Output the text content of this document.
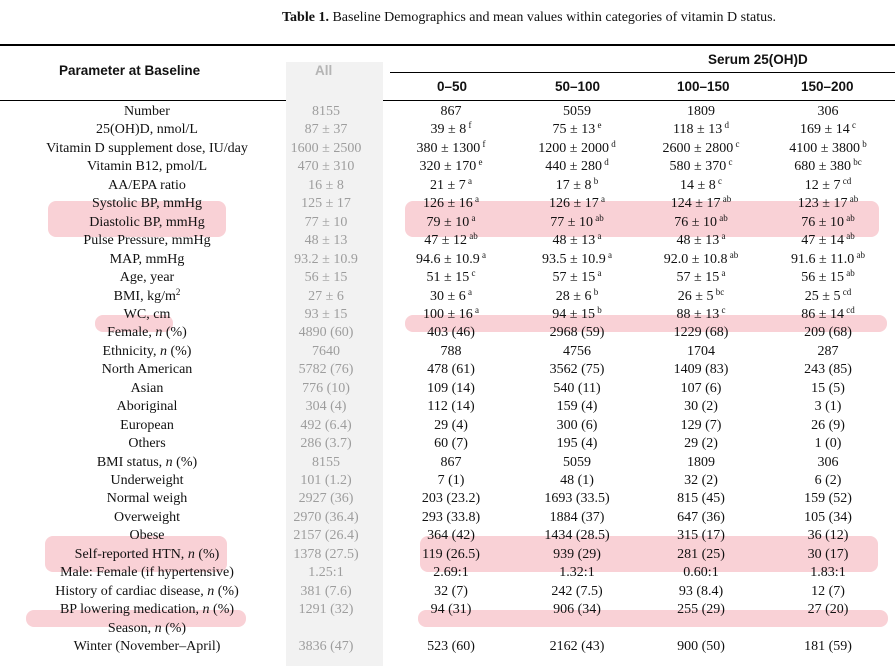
Table 1. Baseline Demographics and mean values within categories of vitamin D status.
Parameter at Baseline	All
Serum 25(OH)D
0–50	50–100	100–150	150–200
Number	8155	867	5059	1809	306
25(OH)D, nmol/L	87 ± 37	39 ± 8 $^f$	75 ± 13 $^e$	118 ± 13 $^d$	169 ± 14 $^c$
Vitamin D supplement dose, IU/day	1600 ± 2500	380 ± 1300 $^f$	1200 ± 2000 $^d$	2600 ± 2800 $^c$	4100 ± 3800 $^b$
Vitamin B12, pmol/L	470 ± 310	320 ± 170 $^e$	440 ± 280 $^d$	580 ± 370 $^c$	680 ± 380 $^{bc}$
AA/EPA ratio	16 ± 8	21 ± 7 $^a$	17 ± 8 $^b$	14 ± 8 $^c$	12 ± 7 $^{cd}$
Systolic BP, mmHg	125 ± 17	126 ± 16 $^a$	126 ± 17 $^a$	124 ± 17 $^{ab}$	123 ± 17 $^{ab}$
Diastolic BP, mmHg	77 ± 10	79 ± 10 $^a$	77 ± 10 $^{ab}$	76 ± 10 $^{ab}$	76 ± 10 $^{ab}$
Pulse Pressure, mmHg	48 ± 13	47 ± 12 $^{ab}$	48 ± 13 $^a$	48 ± 13 $^a$	47 ± 14 $^{ab}$
MAP, mmHg	93.2 ± 10.9	94.6 ± 10.9 $^a$	93.5 ± 10.9 $^a$	92.0 ± 10.8 $^{ab}$	91.6 ± 11.0 $^{ab}$
Age, year	56 ± 15	51 ± 15 $^c$	57 ± 15 $^a$	57 ± 15 $^a$	56 ± 15 $^{ab}$
BMI, $kg/m^2$	27 ± 6	30 ± 6 $^a$	28 ± 6 $^b$	26 ± 5 $^{bc}$	25 ± 5 $^{cd}$
WC, cm	93 ± 15	100 ± 16 $^a$	94 ± 15 $^b$	88 ± 13 $^c$	86 ± 14 $^{cd}$
Female, n (%)	4890 (60)	403 (46)	2968 (59)	1229 (68)	209 (68)
Ethnicity, n (%)	7640	788	4756	1704	287
North American	5782 (76)	478 (61)	3562 (75)	1409 (83)	243 (85)
Asian	776 (10)	109 (14)	540 (11)	107 (6)	15 (5)
Aboriginal	304 (4)	112 (14)	159 (4)	30 (2)	3 (1)
European	492 (6.4)	29 (4)	300 (6)	129 (7)	26 (9)
Others	286 (3.7)	60 (7)	195 (4)	29 (2)	1 (0)
BMI status, n (%)	8155	867	5059	1809	306
Underweight	101 (1.2)	7 (1)	48 (1)	32 (2)	6 (2)
Normal weigh	2927 (36)	203 (23.2)	1693 (33.5)	815 (45)	159 (52)
Overweight	2970 (36.4)	293 (33.8)	1884 (37)	647 (36)	105 (34)
Obese	2157 (26.4)	364 (42)	1434 (28.5)	315 (17)	36 (12)
Self-reported HTN, n (%)	1378 (27.5)	119 (26.5)	939 (29)	281 (25)	30 (17)
Male: Female (if hypertensive)	1.25:1	2.69:1	1.32:1	0.60:1	1.83:1
History of cardiac disease, n (%)	381 (7.6)	32 (7)	242 (7.5)	93 (8.4)	12 (7)
BP lowering medication, n (%)	1291 (32)	94 (31)	906 (34)	255 (29)	27 (20)
Season, n (%)
Winter (November–April)	3836 (47)	523 (60)	2162 (43)	900 (50)	181 (59)
